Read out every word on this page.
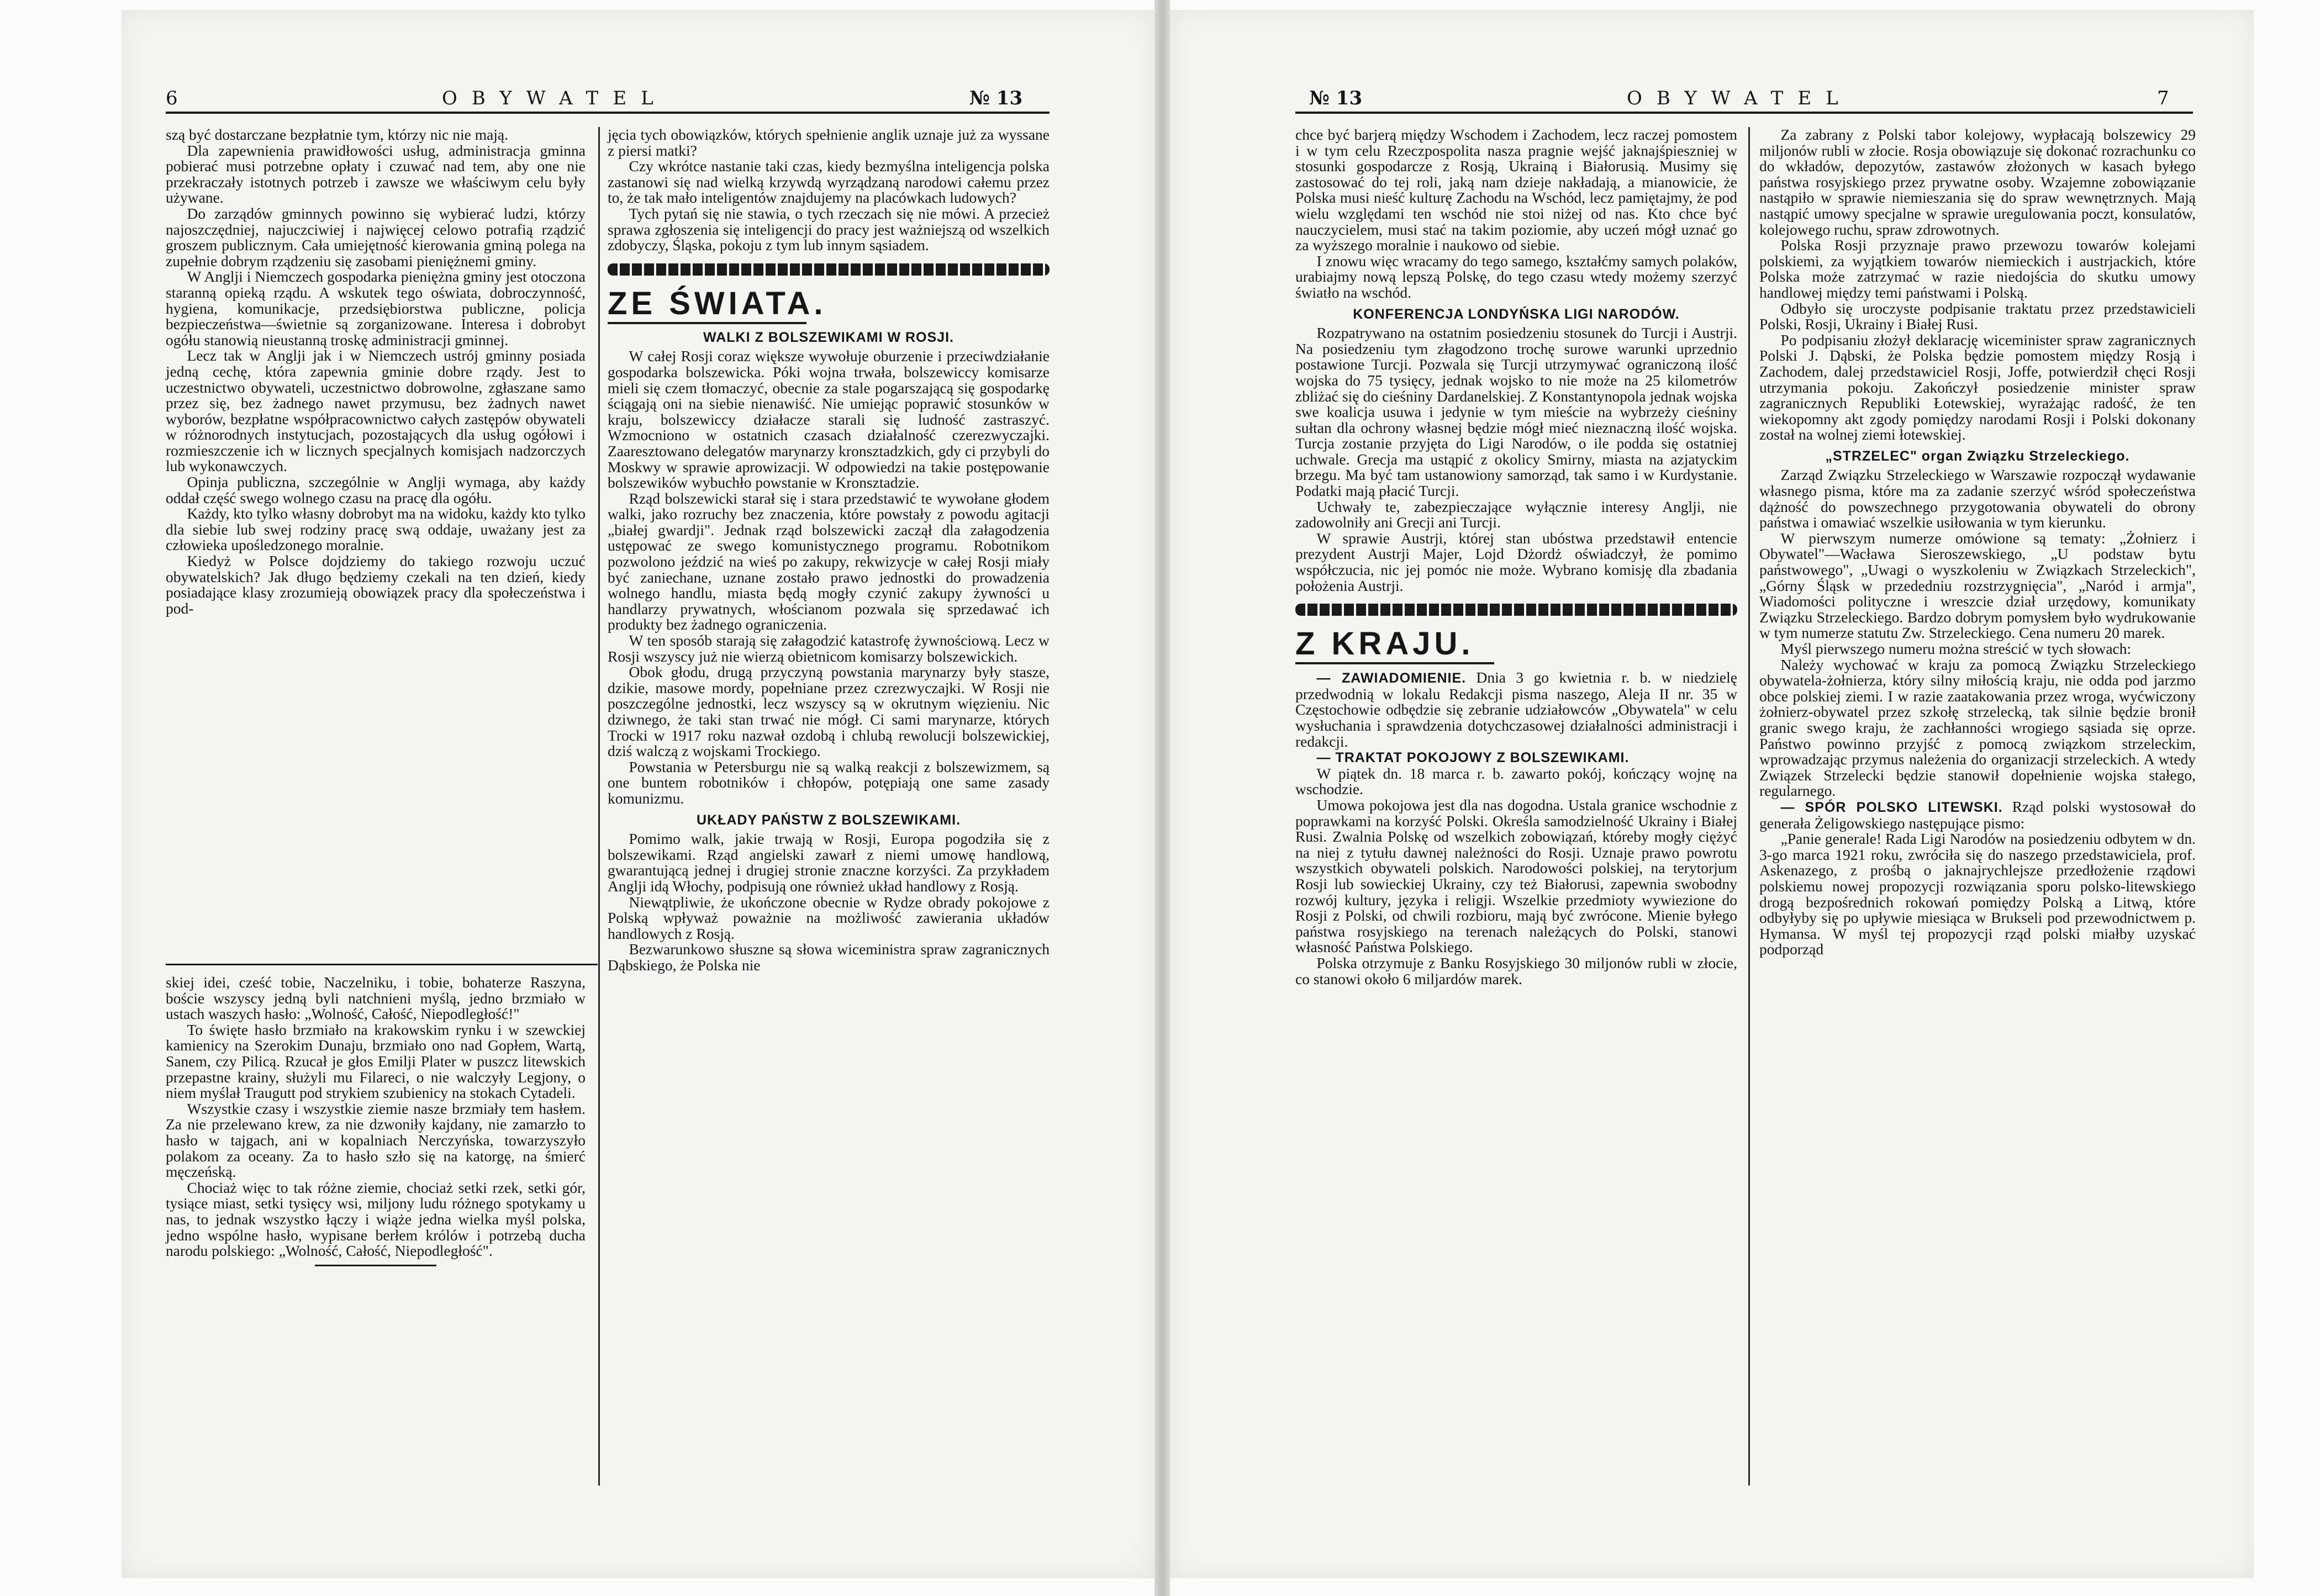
6	OBYWATEL	№ 13	№ 13	OBYWATEL	7

szą być dostarczane bezpłatnie tym, którzy nic nie mają.

Dla zapewnienia prawidłowości usług, administracja gminna pobierać musi potrzebne opłaty i czuwać nad tem, aby one nie przekraczały istotnych potrzeb i zawsze we właściwym celu były używane.

Do zarządów gminnych powinno się wybierać ludzi, którzy najoszczędniej, najuczciwiej i najwięcej celowo potrafią rządzić groszem publicznym. Cała umiejętność kierowania gminą polega na zupełnie dobrym rządzeniu się zasobami pieniężnemi gminy.

W Anglji i Niemczech gospodarka pieniężna gminy jest otoczona staranną opieką rządu. A wskutek tego oświata, dobroczynność, hygiena, komunikacje, przedsiębiorstwa publiczne, policja bezpieczeństwa—świetnie są zorganizowane. Interesa i dobrobyt ogółu stanowią nieustanną troskę administracji gminnej.

Lecz tak w Anglji jak i w Niemczech ustrój gminny posiada jedną cechę, która zapewnia gminie dobre rządy. Jest to uczestnictwo obywateli, uczestnictwo dobrowolne, zgłaszane samo przez się, bez żadnego nawet przymusu, bez żadnych nawet wyborów, bezpłatne współpracownictwo całych zastępów obywateli w różnorodnych instytucjach, pozostających dla usług ogółowi i rozmieszczenie ich w licznych specjalnych komisjach nadzorczych lub wykonawczych.

Opinja publiczna, szczególnie w Anglji wymaga, aby każdy oddał część swego wolnego czasu na pracę dla ogółu.

Każdy, kto tylko własny dobrobyt ma na widoku, każdy kto tylko dla siebie lub swej rodziny pracę swą oddaje, uważany jest za człowieka upośledzonego moralnie.

Kiedyż w Polsce dojdziemy do takiego rozwoju uczuć obywatelskich? Jak długo będziemy czekali na ten dzień, kiedy posiadające klasy zrozumieją obowiązek pracy dla społeczeństwa i pod-

skiej idei, cześć tobie, Naczelniku, i tobie, bohaterze Raszyna, boście wszyscy jedną byli natchnieni myślą, jedno brzmiało w ustach waszych hasło: „Wolność, Całość, Niepodległość!"

To święte hasło brzmiało na krakowskim rynku i w szewckiej kamienicy na Szerokim Dunaju, brzmiało ono nad Gopłem, Wartą, Sanem, czy Pilicą. Rzucał je głos Emilji Plater w puszcz litewskich przepastne krainy, służyli mu Filareci, o nie walczyły Legjony, o niem myślał Traugutt pod strykiem szubienicy na stokach Cytadeli.

Wszystkie czasy i wszystkie ziemie nasze brzmiały tem hasłem. Za nie przelewano krew, za nie dzwoniły kajdany, nie zamarzło to hasło w tajgach, ani w kopalniach Nerczyńska, towarzyszyło polakom za oceany. Za to hasło szło się na katorgę, na śmierć męczeńską.

Chociaż więc to tak różne ziemie, chociaż setki rzek, setki gór, tysiące miast, setki tysięcy wsi, miljony ludu różnego spotykamy u nas, to jednak wszystko łączy i wiąże jedna wielka myśl polska, jedno wspólne hasło, wypisane berłem królów i potrzebą ducha narodu polskiego: „Wolność, Całość, Niepodległość".

jęcia tych obowiązków, których spełnienie anglik uznaje już za wyssane z piersi matki?

Czy wkrótce nastanie taki czas, kiedy bezmyślna inteligencja polska zastanowi się nad wielką krzywdą wyrządzaną narodowi całemu przez to, że tak mało inteligentów znajdujemy na placówkach ludowych?

Tych pytań się nie stawia, o tych rzeczach się nie mówi. A przecież sprawa zgłoszenia się inteligencji do pracy jest ważniejszą od wszelkich zdobyczy, Śląska, pokoju z tym lub innym sąsiadem.

ZE ŚWIATA.
WALKI Z BOLSZEWIKAMI W ROSJI.

W całej Rosji coraz większe wywołuje oburzenie i przeciwdziałanie gospodarka bolszewicka. Póki wojna trwała, bolszewiccy komisarze mieli się czem tłomaczyć, obecnie za stale pogarszającą się gospodarkę ściągają oni na siebie nienawiść. Nie umiejąc poprawić stosunków w kraju, bolszewiccy działacze starali się ludność zastraszyć. Wzmocniono w ostatnich czasach działalność czerezwyczajki. Zaaresztowano delegatów marynarzy kronsztadzkich, gdy ci przybyli do Moskwy w sprawie aprowizacji. W odpowiedzi na takie postępowanie bolszewików wybuchło powstanie w Kronsztadzie.

Rząd bolszewicki starał się i stara przedstawić te wywołane głodem walki, jako rozruchy bez znaczenia, które powstały z powodu agitacji „białej gwardji". Jednak rząd bolszewicki zaczął dla załagodzenia ustępować ze swego komunistycznego programu. Robotnikom pozwolono jeździć na wieś po zakupy, rekwizycje w całej Rosji miały być zaniechane, uznane zostało prawo jednostki do prowadzenia wolnego handlu, miasta będą mogły czynić zakupy żywności u handlarzy prywatnych, włościanom pozwala się sprzedawać ich produkty bez żadnego ograniczenia.

W ten sposób starają się załagodzić katastrofę żywnościową. Lecz w Rosji wszyscy już nie wierzą obietnicom komisarzy bolszewickich.

Obok głodu, drugą przyczyną powstania marynarzy były stasze, dzikie, masowe mordy, popełniane przez czrezwyczajki. W Rosji nie poszczególne jednostki, lecz wszyscy są w okrutnym więzieniu. Nic dziwnego, że taki stan trwać nie mógł. Ci sami marynarze, których Trocki w 1917 roku nazwał ozdobą i chlubą rewolucji bolszewickiej, dziś walczą z wojskami Trockiego.

Powstania w Petersburgu nie są walką reakcji z bolszewizmem, są one buntem robotników i chłopów, potępiają one same zasady komunizmu.

UKŁADY PAŃSTW Z BOLSZEWIKAMI.

Pomimo walk, jakie trwają w Rosji, Europa pogodziła się z bolszewikami. Rząd angielski zawarł z niemi umowę handlową, gwarantującą jednej i drugiej stronie znaczne korzyści. Za przykładem Anglji idą Włochy, podpisują one również układ handlowy z Rosją.

Niewątpliwie, że ukończone obecnie w Rydze obrady pokojowe z Polską wpływaż poważnie na możliwość zawierania układów handlowych z Rosją.

Bezwarunkowo słuszne są słowa wiceministra spraw zagranicznych Dąbskiego, że Polska nie

chce być barjerą między Wschodem i Zachodem, lecz raczej pomostem i w tym celu Rzeczpospolita nasza pragnie wejść jaknajśpieszniej w stosunki gospodarcze z Rosją, Ukrainą i Białorusią. Musimy się zastosować do tej roli, jaką nam dzieje nakładają, a mianowicie, że Polska musi nieść kulturę Zachodu na Wschód, lecz pamiętajmy, że pod wielu względami ten wschód nie stoi niżej od nas. Kto chce być nauczycielem, musi stać na takim poziomie, aby uczeń mógł uznać go za wyższego moralnie i naukowo od siebie.

I znowu więc wracamy do tego samego, kształćmy samych polaków, urabiajmy nową lepszą Polskę, do tego czasu wtedy możemy szerzyć światło na wschód.

KONFERENCJA LONDYŃSKA LIGI NARODÓW.

Rozpatrywano na ostatnim posiedzeniu stosunek do Turcji i Austrji. Na posiedzeniu tym złagodzono trochę surowe warunki uprzednio postawione Turcji. Pozwala się Turcji utrzymywać ograniczoną ilość wojska do 75 tysięcy, jednak wojsko to nie może na 25 kilometrów zbliżać się do cieśniny Dardanelskiej. Z Konstantynopola jednak wojska swe koalicja usuwa i jedynie w tym mieście na wybrzeży cieśniny sułtan dla ochrony własnej będzie mógł mieć nieznaczną ilość wojska. Turcja zostanie przyjęta do Ligi Narodów, o ile podda się ostatniej uchwale. Grecja ma ustąpić z okolicy Smirny, miasta na azjatyckim brzegu. Ma być tam ustanowiony samorząd, tak samo i w Kurdystanie. Podatki mają płacić Turcji.

Uchwały te, zabezpieczające wyłącznie interesy Anglji, nie zadowolniły ani Grecji ani Turcji.

W sprawie Austrji, której stan ubóstwa przedstawił entencie prezydent Austrji Majer, Lojd Dżordż oświadczył, że pomimo współczucia, nic jej pomóc nie może. Wybrano komisję dla zbadania położenia Austrji.

Z KRAJU.

— ZAWIADOMIENIE. Dnia 3 go kwietnia r. b. w niedzielę przedwodnią w lokalu Redakcji pisma naszego, Aleja II nr. 35 w Częstochowie odbędzie się zebranie udziałowców „Obywatela" w celu wysłuchania i sprawdzenia dotychczasowej działalności administracji i redakcji.

— TRAKTAT POKOJOWY Z BOLSZEWIKAMI.

W piątek dn. 18 marca r. b. zawarto pokój, kończący wojnę na wschodzie.

Umowa pokojowa jest dla nas dogodna. Ustala granice wschodnie z poprawkami na korzyść Polski. Określa samodzielność Ukrainy i Białej Rusi. Zwalnia Polskę od wszelkich zobowiązań, któreby mogły ciężyć na niej z tytułu dawnej należności do Rosji. Uznaje prawo powrotu wszystkich obywateli polskich. Narodowości polskiej, na terytorjum Rosji lub sowieckiej Ukrainy, czy też Białorusi, zapewnia swobodny rozwój kultury, języka i religji. Wszelkie przedmioty wywiezione do Rosji z Polski, od chwili rozbioru, mają być zwrócone. Mienie byłego państwa rosyjskiego na terenach należących do Polski, stanowi własność Państwa Polskiego.

Polska otrzymuje z Banku Rosyjskiego 30 miljonów rubli w złocie, co stanowi około 6 miljardów marek.

Za zabrany z Polski tabor kolejowy, wypłacają bolszewicy 29 miljonów rubli w złocie. Rosja obowiązuje się dokonać rozrachunku co do wkładów, depozytów, zastawów złożonych w kasach byłego państwa rosyjskiego przez prywatne osoby. Wzajemne zobowiązanie nastąpiło w sprawie niemieszania się do spraw wewnętrznych. Mają nastąpić umowy specjalne w sprawie uregulowania poczt, konsulatów, kolejowego ruchu, spraw zdrowotnych.

Polska Rosji przyznaje prawo przewozu towarów kolejami polskiemi, za wyjątkiem towarów niemieckich i austrjackich, które Polska może zatrzymać w razie niedojścia do skutku umowy handlowej między temi państwami i Polską.

Odbyło się uroczyste podpisanie traktatu przez przedstawicieli Polski, Rosji, Ukrainy i Białej Rusi.

Po podpisaniu złożył deklarację wiceminister spraw zagranicznych Polski J. Dąbski, że Polska będzie pomostem między Rosją i Zachodem, dalej przedstawiciel Rosji, Joffe, potwierdził chęci Rosji utrzymania pokoju. Zakończył posiedzenie minister spraw zagranicznych Republiki Łotewskiej, wyrażając radość, że ten wiekopomny akt zgody pomiędzy narodami Rosji i Polski dokonany został na wolnej ziemi łotewskiej.

„STRZELEC" organ Związku Strzeleckiego.

Zarząd Związku Strzeleckiego w Warszawie rozpoczął wydawanie własnego pisma, które ma za zadanie szerzyć wśród społeczeństwa dążność do powszechnego przygotowania obywateli do obrony państwa i omawiać wszelkie usiłowania w tym kierunku.

W pierwszym numerze omówione są tematy: „Żołnierz i Obywatel"—Wacława Sieroszewskiego, „U podstaw bytu państwowego", „Uwagi o wyszkoleniu w Związkach Strzeleckich", „Górny Śląsk w przededniu rozstrzygnięcia", „Naród i armja", Wiadomości polityczne i wreszcie dział urzędowy, komunikaty Związku Strzeleckiego. Bardzo dobrym pomysłem było wydrukowanie w tym numerze statutu Zw. Strzeleckiego. Cena numeru 20 marek.

Myśl pierwszego numeru można streścić w tych słowach:

Należy wychować w kraju za pomocą Związku Strzeleckiego obywatela-żołnierza, który silny miłością kraju, nie odda pod jarzmo obce polskiej ziemi. I w razie zaatakowania przez wroga, wyćwiczony żołnierz-obywatel przez szkołę strzelecką, tak silnie będzie bronił granic swego kraju, że zachłanności wrogiego sąsiada się oprze. Państwo powinno przyjść z pomocą związkom strzeleckim, wprowadzając przymus należenia do organizacji strzeleckich. A wtedy Związek Strzelecki będzie stanowił dopełnienie wojska stałego, regularnego.

— SPÓR POLSKO LITEWSKI. Rząd polski wystosował do generała Żeligowskiego następujące pismo:

„Panie generale! Rada Ligi Narodów na posiedzeniu odbytem w dn. 3-go marca 1921 roku, zwróciła się do naszego przedstawiciela, prof. Askenazego, z prośbą o jaknajrychlejsze przedłożenie rządowi polskiemu nowej propozycji rozwiązania sporu polsko-litewskiego drogą bezpośrednich rokowań pomiędzy Polską a Litwą, które odbyłyby się po upływie miesiąca w Brukseli pod przewodnictwem p. Hymansa. W myśl tej propozycji rząd polski miałby uzyskać podporząd
